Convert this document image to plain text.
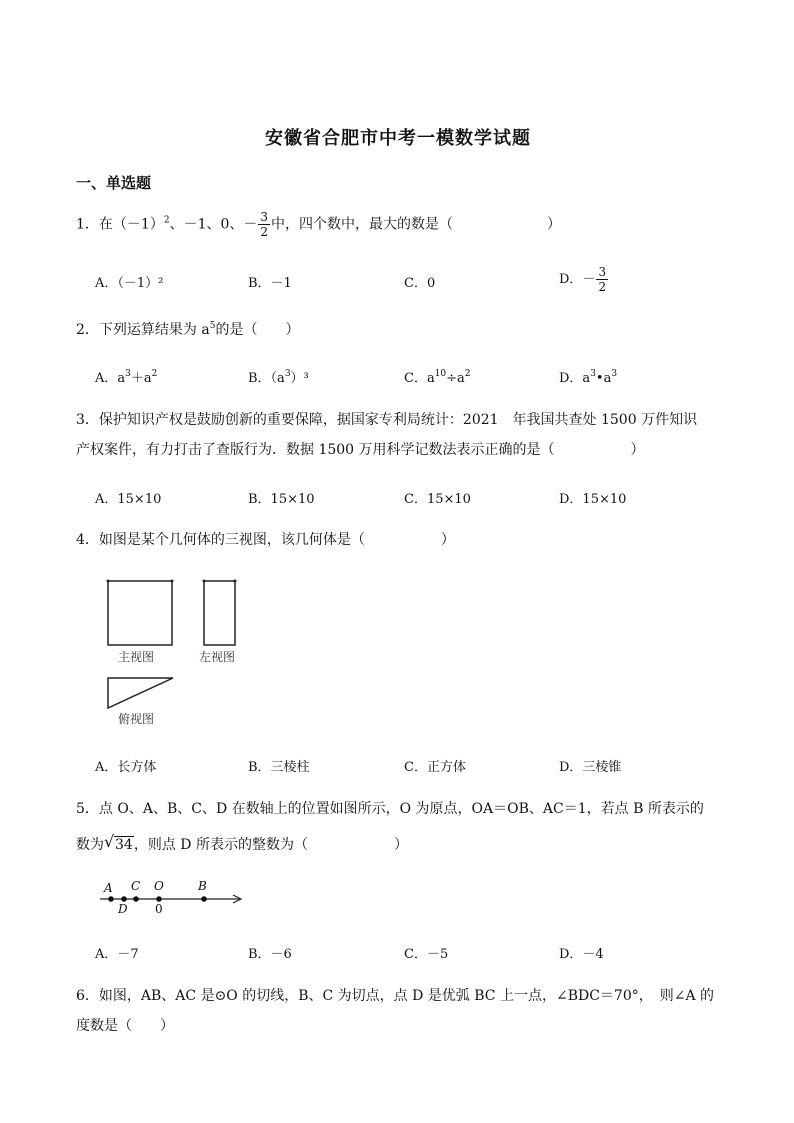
安徽省合肥市中考一模数学试题
一、单选题
1．在$(-1)^2$、－1、0、－ $\frac{3}{2}$ 中，四个数中，最大的数是（	）
A．（－1）²	B．－1	C．0	D．－ $\frac{3}{2}$
2．下列运算结果为 $a^5$的是（　　）
A．$a^3+a^2$	B．$(a^3)^3$	C．$a^{10}\div a^2$	D．$a^3•a^3$
3．保护知识产权是鼓励创新的重要保障，据国家专利局统计：2021　年我国共查处 1500 万件知识
产权案件，有力打击了查版行为．数据 1500 万用科学记数法表示正确的是（	）
A．15×10	B．15×10	C．15×10	D．15×10
4．如图是某个几何体的三视图，该几何体是（	）
主视图	左视图
俯视图
A．长方体	B．三棱柱	C．正方体	D．三棱锥
5．点 O、A、B、C、D 在数轴上的位置如图所示，O 为原点，OA＝OB、AC＝1，若点 B 所表示的
数为 √ 34，则点 D 所表示的整数为（	）
A C O	B
D 0
A．－7	B．－6	C．－5	D．－4
6．如图，AB、AC 是⊙O 的切线，B、C 为切点，点 D 是优弧 BC 上一点，∠BDC＝70°，　则∠A 的
度数是（　　）
